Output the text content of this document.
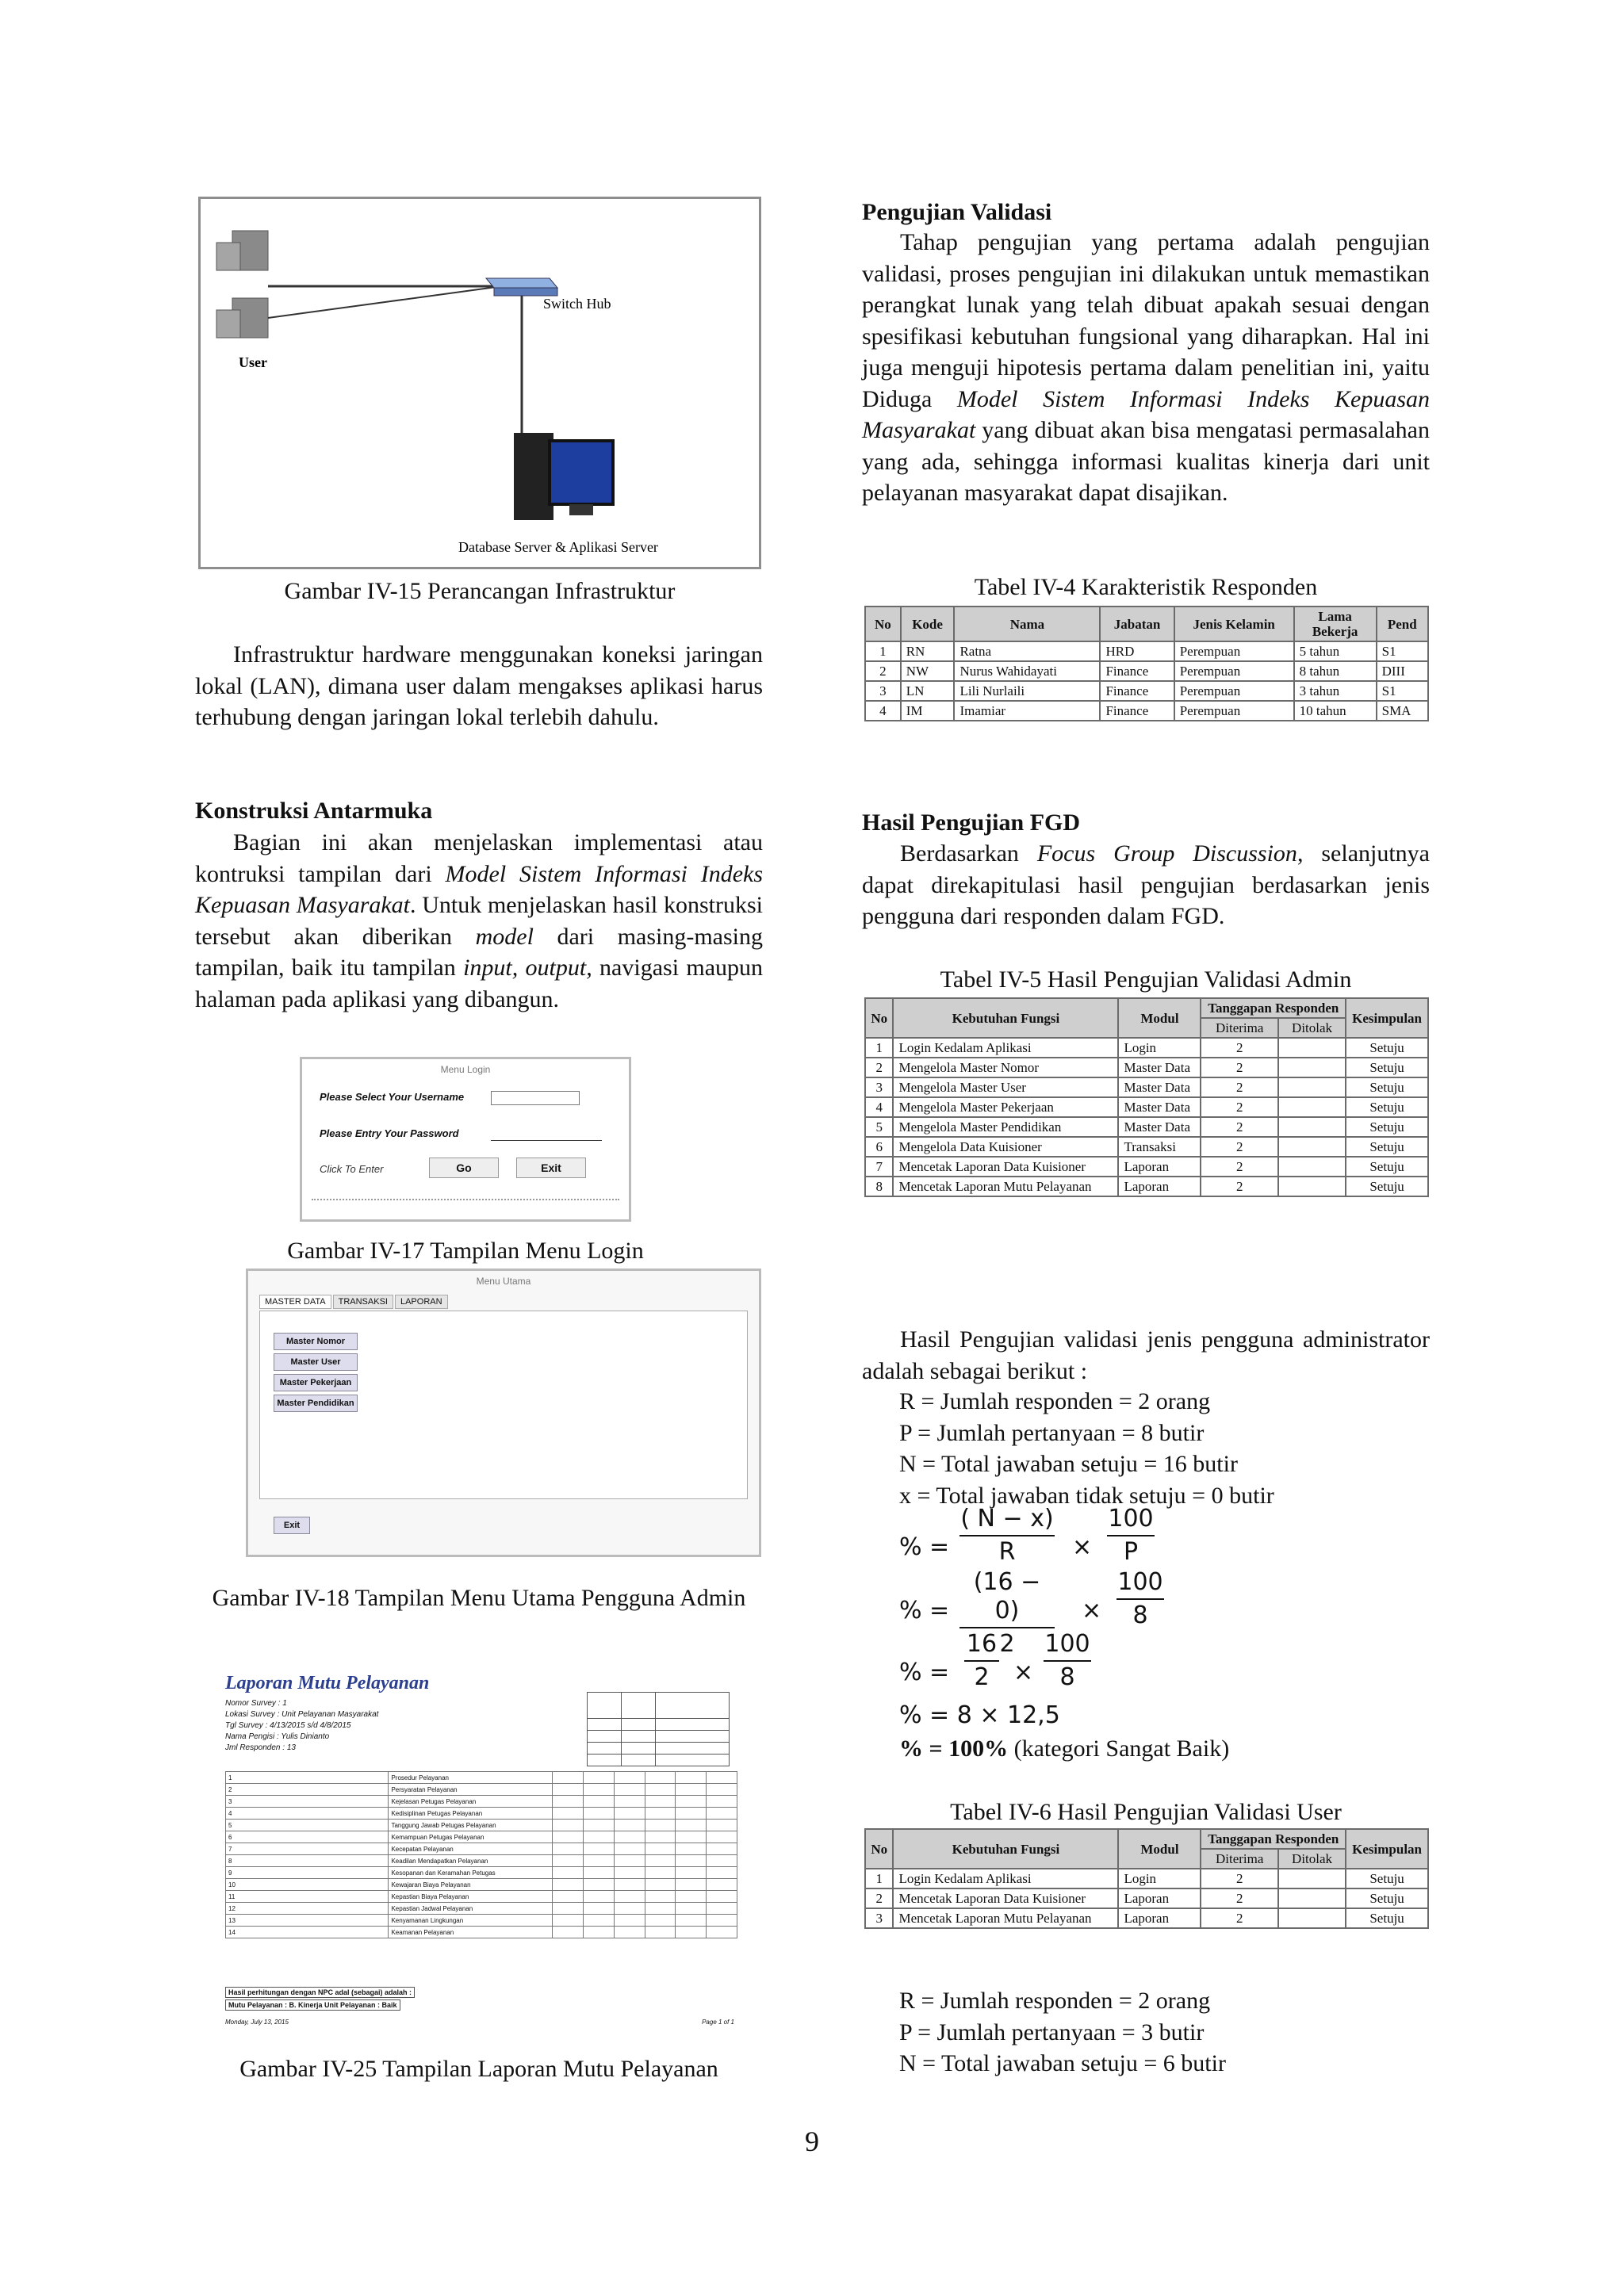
User
Switch Hub
Database Server & Aplikasi Server
Gambar IV-15 Perancangan Infrastruktur
Infrastruktur hardware menggunakan koneksi jaringan lokal (LAN), dimana user dalam mengakses aplikasi harus terhubung dengan jaringan lokal terlebih dahulu.
Konstruksi Antarmuka
Bagian ini akan menjelaskan implementasi atau kontruksi tampilan dari Model Sistem Informasi Indeks Kepuasan Masyarakat. Untuk menjelaskan hasil konstruksi tersebut akan diberikan model dari masing-masing tampilan, baik itu tampilan input, output, navigasi maupun halaman pada aplikasi yang dibangun.
Menu Login
Please Select Your Username
Please Entry Your Password
Click To Enter	Go	Exit
Gambar IV-17 Tampilan Menu Login
Menu Utama
MASTER DATA	TRANSAKSI	LAPORAN
Master Nomor
Master User
Master Pekerjaan
Master Pendidikan
Exit
Gambar IV-18 Tampilan Menu Utama Pengguna Admin
Laporan Mutu Pelayanan
Nomor Survey : 1
Lokasi Survey : Unit Pelayanan Masyarakat
Tgl Survey : 4/13/2015 s/d 4/8/2015
Nama Pengisi : Yulis Dinianto
Jml Responden : 13

1	Prosedur Pelayanan						
2	Persyaratan Pelayanan						
3	Kejelasan Petugas Pelayanan						
4	Kedisiplinan Petugas Pelayanan						
5	Tanggung Jawab Petugas Pelayanan						
6	Kemampuan Petugas Pelayanan						
7	Kecepatan Pelayanan						
8	Keadilan Mendapatkan Pelayanan						
9	Kesopanan dan Keramahan Petugas						
10	Kewajaran Biaya Pelayanan						
11	Kepastian Biaya Pelayanan						
12	Kepastian Jadwal Pelayanan						
13	Kenyamanan Lingkungan						
14	Keamanan Pelayanan						
Hasil perhitungan dengan NPC adal (sebagai) adalah :
Mutu Pelayanan : B. Kinerja Unit Pelayanan : Baik
Monday, July 13, 2015	Page 1 of 1
Gambar IV-25 Tampilan Laporan Mutu Pelayanan
Pengujian Validasi
Tahap pengujian yang pertama adalah pengujian validasi, proses pengujian ini dilakukan untuk memastikan perangkat lunak yang telah dibuat apakah sesuai dengan spesifikasi kebutuhan fungsional yang diharapkan. Hal ini juga menguji hipotesis pertama dalam penelitian ini, yaitu Diduga Model Sistem Informasi Indeks Kepuasan Masyarakat yang dibuat akan bisa mengatasi permasalahan yang ada, sehingga informasi kualitas kinerja dari unit pelayanan masyarakat dapat disajikan.
Tabel IV-4 Karakteristik Responden
No	Kode	Nama	Jabatan	Jenis Kelamin	Lama Bekerja	Pend
1	RN	Ratna	HRD	Perempuan	5 tahun	S1
2	NW	Nurus Wahidayati	Finance	Perempuan	8 tahun	DIII
3	LN	Lili Nurlaili	Finance	Perempuan	3 tahun	S1
4	IM	Imamiar	Finance	Perempuan	10 tahun	SMA
Hasil Pengujian FGD
Berdasarkan Focus Group Discussion, selanjutnya dapat direkapitulasi hasil pengujian berdasarkan jenis pengguna dari responden dalam FGD.
Tabel IV-5 Hasil Pengujian Validasi Admin
No	Kebutuhan Fungsi	Modul	Tanggapan Responden		Kesimpulan
			Diterima	Ditolak	
1	Login Kedalam Aplikasi	Login	2		Setuju
2	Mengelola Master Nomor	Master Data	2		Setuju
3	Mengelola Master User	Master Data	2		Setuju
4	Mengelola Master Pekerjaan	Master Data	2		Setuju
5	Mengelola Master Pendidikan	Master Data	2		Setuju
6	Mengelola Data Kuisioner	Transaksi	2		Setuju
7	Mencetak Laporan Data Kuisioner	Laporan	2		Setuju
8	Mencetak Laporan Mutu Pelayanan	Laporan	2		Setuju
Hasil Pengujian validasi jenis pengguna administrator adalah sebagai berikut :
R = Jumlah responden = 2 orang
P = Jumlah pertanyaan = 8 butir
N = Total jawaban setuju = 16 butir
x = Total jawaban tidak setuju = 0 butir
% =
( N − x)
R	×
100
P
% =
(16 − 0)
2
×
100
8
% =
16
2	×
100
8
% = 8 × 12,5
% = 100% (kategori Sangat Baik)
Tabel IV-6 Hasil Pengujian Validasi User
No	Kebutuhan Fungsi	Modul	Tanggapan Responden		Kesimpulan
			Diterima	Ditolak	
1	Login Kedalam Aplikasi	Login	2		Setuju
2	Mencetak Laporan Data Kuisioner	Laporan	2		Setuju
3	Mencetak Laporan Mutu Pelayanan	Laporan	2		Setuju
R = Jumlah responden = 2 orang
P = Jumlah pertanyaan = 3 butir
N = Total jawaban setuju = 6 butir
9
